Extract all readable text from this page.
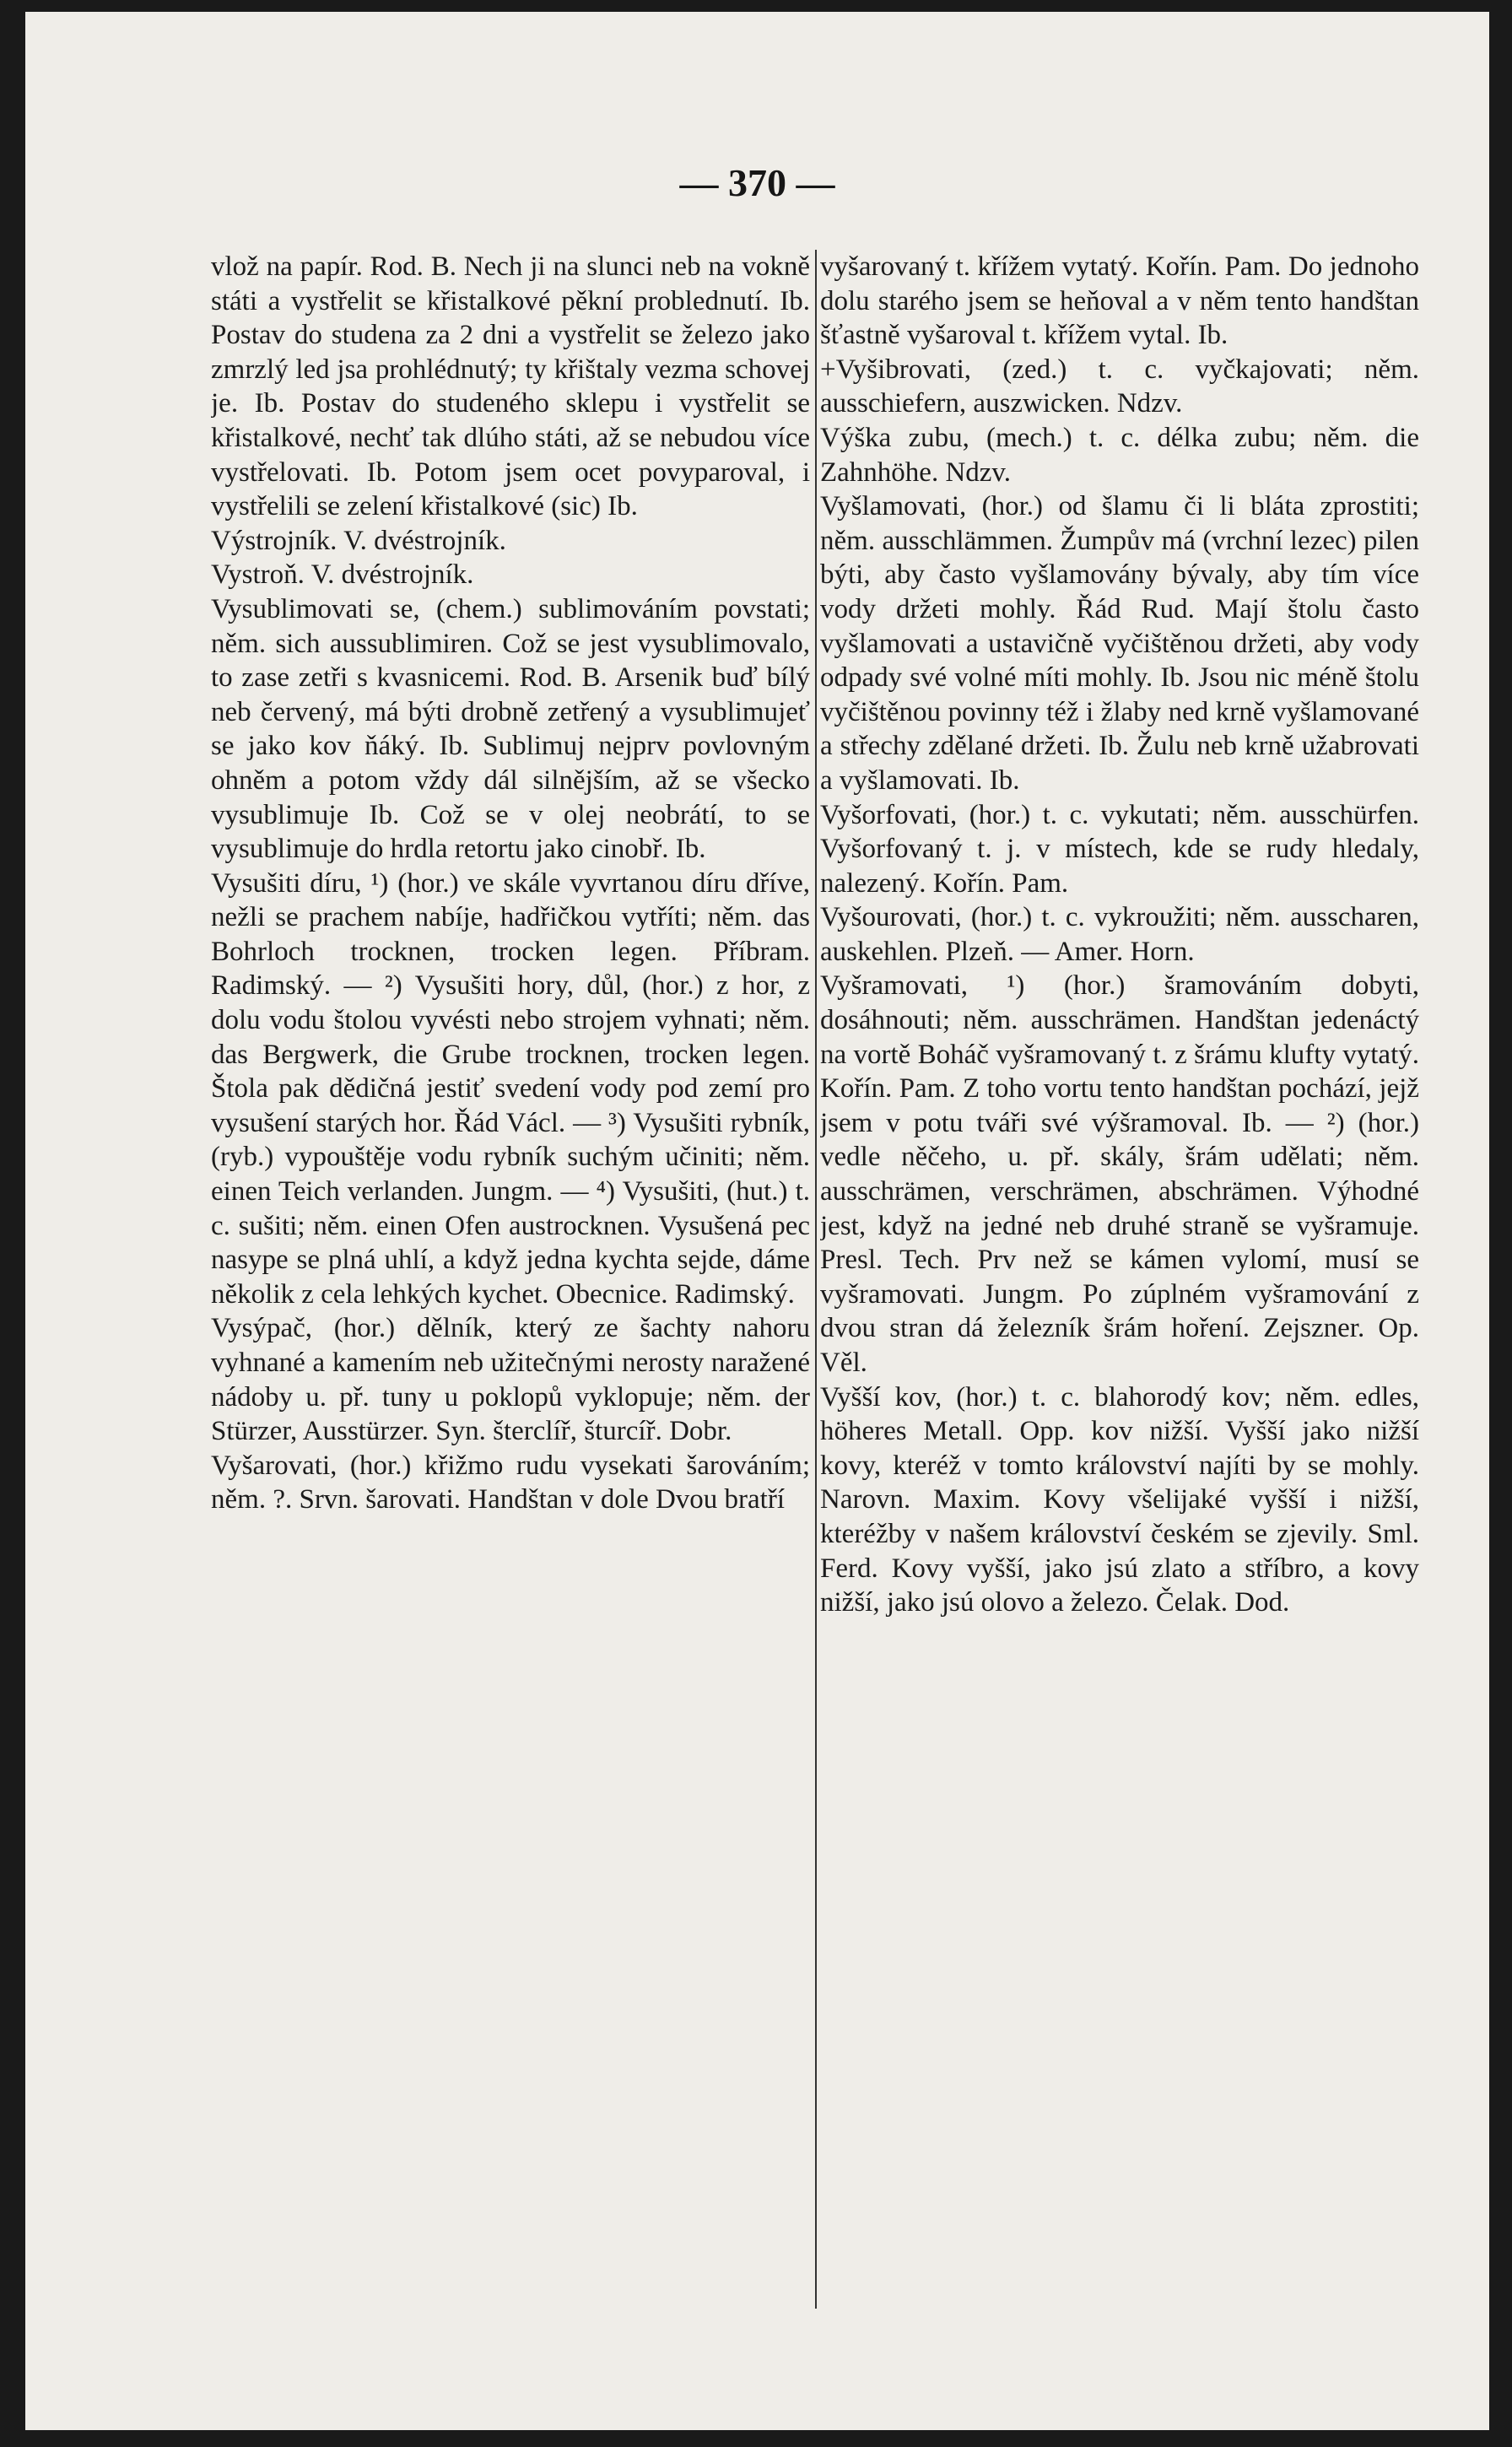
— 370 —

vlož na papír. Rod. B. Nech ji na slunci neb na vokně státi a vystřelit se křistalkové pěkní problednutí. Ib. Postav do studena za 2 dni a vystřelit se železo jako zmrzlý led jsa prohlédnutý; ty křištaly vezma schovej je. Ib. Postav do studeného sklepu i vystřelit se křistalkové, nechť tak dlúho státi, až se nebudou více vystřelovati. Ib. Potom jsem ocet povyparoval, i vystřelili se zelení křistalkové (sic) Ib.

Výstrojník. V. dvéstrojník.

Vystroň. V. dvéstrojník.

Vysublimovati se, (chem.) sublimováním povstati; něm. sich aussublimiren. Což se jest vysublimovalo, to zase zetři s kvasnicemi. Rod. B. Arsenik buď bílý neb červený, má býti drobně zetřený a vysublimujeť se jako kov ňáký. Ib. Sublimuj nejprv povlovným ohněm a potom vždy dál silnějším, až se všecko vysublimuje Ib. Což se v olej neobrátí, to se vysublimuje do hrdla retortu jako cinobř. Ib.

Vysušiti díru, ¹) (hor.) ve skále vyvrtanou díru dříve, nežli se prachem nabíje, hadřičkou vytříti; něm. das Bohrloch trocknen, trocken legen. Příbram. Radimský. — ²) Vysušiti hory, důl, (hor.) z hor, z dolu vodu štolou vyvésti nebo strojem vyhnati; něm. das Bergwerk, die Grube trocknen, trocken legen. Štola pak dědičná jestiť svedení vody pod zemí pro vysušení starých hor. Řád Václ. — ³) Vysušiti rybník, (ryb.) vypouštěje vodu rybník suchým učiniti; něm. einen Teich verlanden. Jungm. — ⁴) Vysušiti, (hut.) t. c. sušiti; něm. einen Ofen austrocknen. Vysušená pec nasype se plná uhlí, a když jedna kychta sejde, dáme několik z cela lehkých kychet. Obecnice. Radimský.

Vysýpač, (hor.) dělník, který ze šachty nahoru vyhnané a kamením neb užitečnými nerosty naražené nádoby u. př. tuny u poklopů vyklopuje; něm. der Stürzer, Ausstürzer. Syn. šterclíř, šturcíř. Dobr.

Vyšarovati, (hor.) křižmo rudu vysekati šarováním; něm. ?. Srvn. šarovati. Handštan v dole Dvou bratří

vyšarovaný t. křížem vytatý. Kořín. Pam. Do jednoho dolu starého jsem se heňoval a v něm tento handštan šťastně vyšaroval t. křížem vytal. Ib.

+Vyšibrovati, (zed.) t. c. vyčkajovati; něm. ausschiefern, auszwicken. Ndzv.

Výška zubu, (mech.) t. c. délka zubu; něm. die Zahnhöhe. Ndzv.

Vyšlamovati, (hor.) od šlamu či li bláta zprostiti; něm. ausschlämmen. Žumpův má (vrchní lezec) pilen býti, aby často vyšlamovány bývaly, aby tím více vody držeti mohly. Řád Rud. Mají štolu často vyšlamovati a ustavičně vyčištěnou držeti, aby vody odpady své volné míti mohly. Ib. Jsou nic méně štolu vyčištěnou povinny též i žlaby ned krně vyšlamované a střechy zdělané držeti. Ib. Žulu neb krně užabrovati a vyšlamovati. Ib.

Vyšorfovati, (hor.) t. c. vykutati; něm. ausschürfen. Vyšorfovaný t. j. v místech, kde se rudy hledaly, nalezený. Kořín. Pam.

Vyšourovati, (hor.) t. c. vykroužiti; něm. ausscharen, auskehlen. Plzeň. — Amer. Horn.

Vyšramovati, ¹) (hor.) šramováním dobyti, dosáhnouti; něm. ausschrämen. Handštan jedenáctý na vortě Boháč vyšramovaný t. z šrámu klufty vytatý. Kořín. Pam. Z toho vortu tento handštan pochází, jejž jsem v potu tváři své výšramoval. Ib. — ²) (hor.) vedle něčeho, u. př. skály, šrám udělati; něm. ausschrämen, verschrämen, abschrämen. Výhodné jest, když na jedné neb druhé straně se vyšramuje. Presl. Tech. Prv než se kámen vylomí, musí se vyšramovati. Jungm. Po zúplném vyšramování z dvou stran dá železník šrám hoření. Zejszner. Op. Věl.

Vyšší kov, (hor.) t. c. blahorodý kov; něm. edles, höheres Metall. Opp. kov nižší. Vyšší jako nižší kovy, kteréž v tomto království najíti by se mohly. Narovn. Maxim. Kovy všelijaké vyšší i nižší, kteréžby v našem království českém se zjevily. Sml. Ferd. Kovy vyšší, jako jsú zlato a stříbro, a kovy nižší, jako jsú olovo a železo. Čelak. Dod.
